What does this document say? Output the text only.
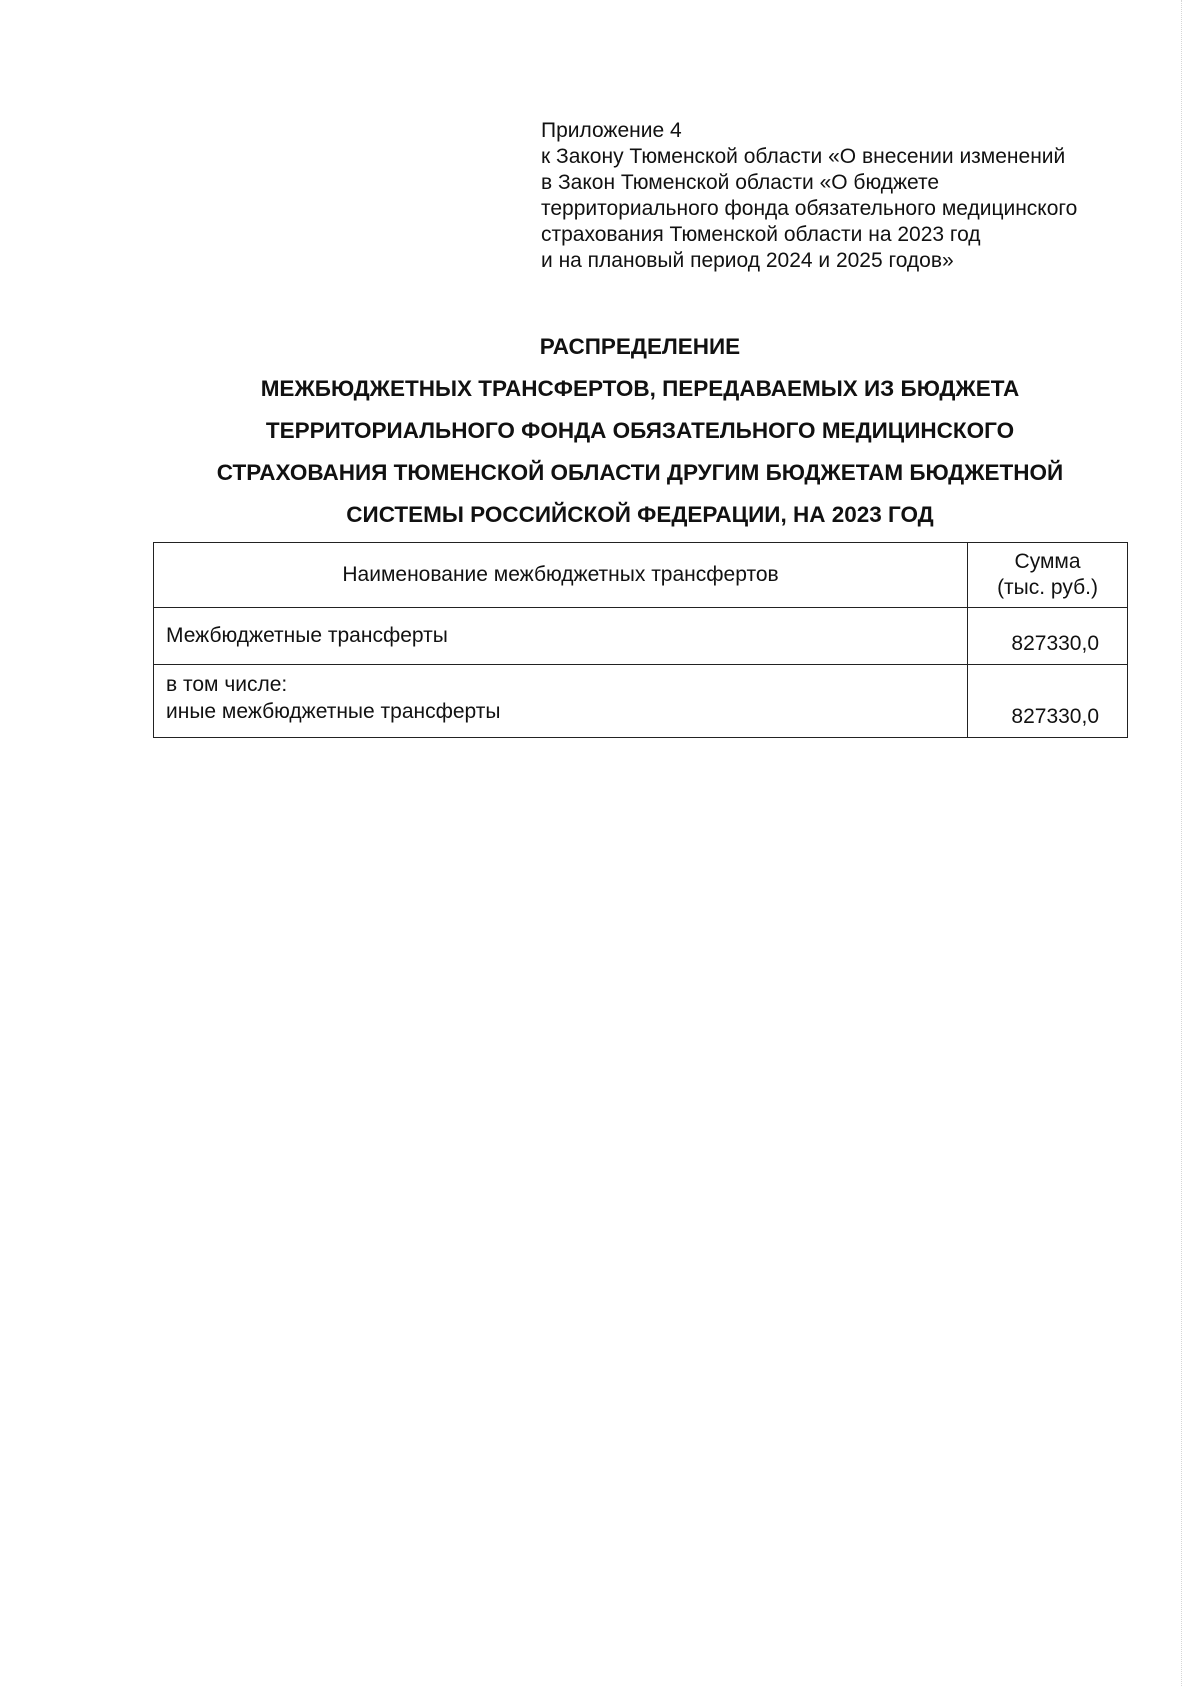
Приложение 4
к Закону Тюменской области «О внесении изменений
в Закон Тюменской области «О бюджете
территориального фонда обязательного медицинского
страхования Тюменской области на 2023 год
и на плановый период 2024 и 2025 годов»
РАСПРЕДЕЛЕНИЕ
МЕЖБЮДЖЕТНЫХ ТРАНСФЕРТОВ, ПЕРЕДАВАЕМЫХ ИЗ БЮДЖЕТА
ТЕРРИТОРИАЛЬНОГО ФОНДА ОБЯЗАТЕЛЬНОГО МЕДИЦИНСКОГО
СТРАХОВАНИЯ ТЮМЕНСКОЙ ОБЛАСТИ ДРУГИМ БЮДЖЕТАМ БЮДЖЕТНОЙ
СИСТЕМЫ РОССИЙСКОЙ ФЕДЕРАЦИИ, НА 2023 ГОД
Наименование межбюджетных трансфертов	Сумма
(тыс. руб.)

Межбюджетные трансферты	827330,0

в том числе:
иные межбюджетные трансферты	827330,0
